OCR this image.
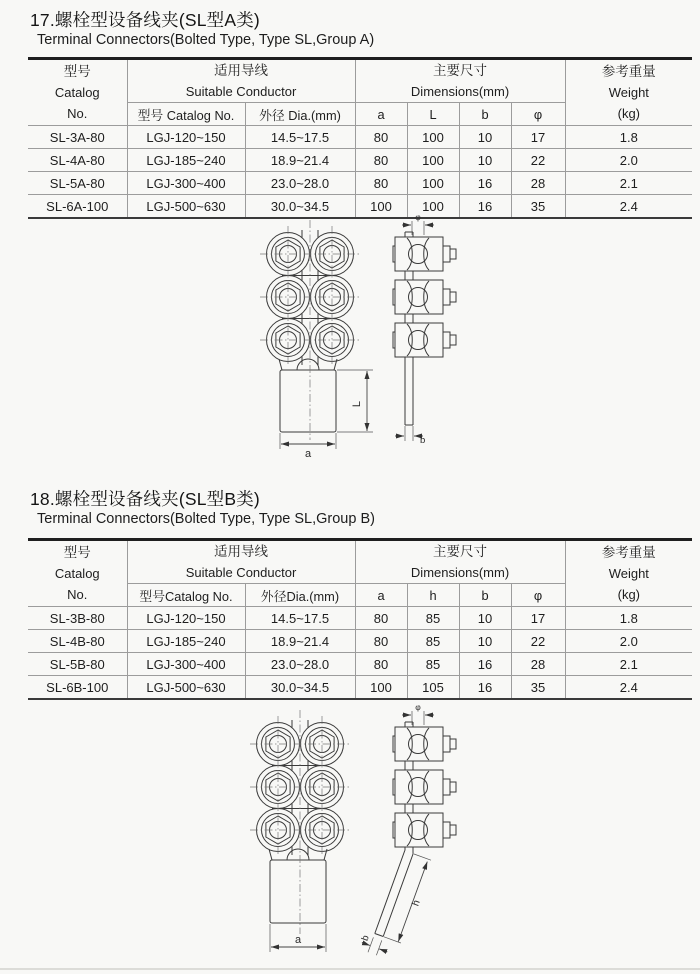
17.螺栓型设备线夹(SL型A类)
Terminal Connectors(Bolted Type, Type SL,Group A)
型号
Catalog
No.

适用导线
Suitable Conductor

主要尺寸
Dimensions(mm)

参考重量
Weight
(kg)

	型号 Catalog No.	外径 Dia.(mm)	a	L	b	φ	
SL-3A-80	LGJ-120~150	14.5~17.5	80	100	10	17	1.8
SL-4A-80	LGJ-185~240	18.9~21.4	80	100	10	22	2.0
SL-5A-80	LGJ-300~400	23.0~28.0	80	100	16	28	2.1
SL-6A-100	LGJ-500~630	30.0~34.5	100	100	16	35	2.4
L
a
φ
b
18.螺栓型设备线夹(SL型B类)
Terminal Connectors(Bolted Type, Type SL,Group B)
型号
Catalog
No.

适用导线
Suitable Conductor

主要尺寸
Dimensions(mm)

参考重量
Weight
(kg)

	型号Catalog No.	外径Dia.(mm)	a	h	b	φ	
SL-3B-80	LGJ-120~150	14.5~17.5	80	85	10	17	1.8
SL-4B-80	LGJ-185~240	18.9~21.4	80	85	10	22	2.0
SL-5B-80	LGJ-300~400	23.0~28.0	80	85	16	28	2.1
SL-6B-100	LGJ-500~630	30.0~34.5	100	105	16	35	2.4
a
φ
h
b
